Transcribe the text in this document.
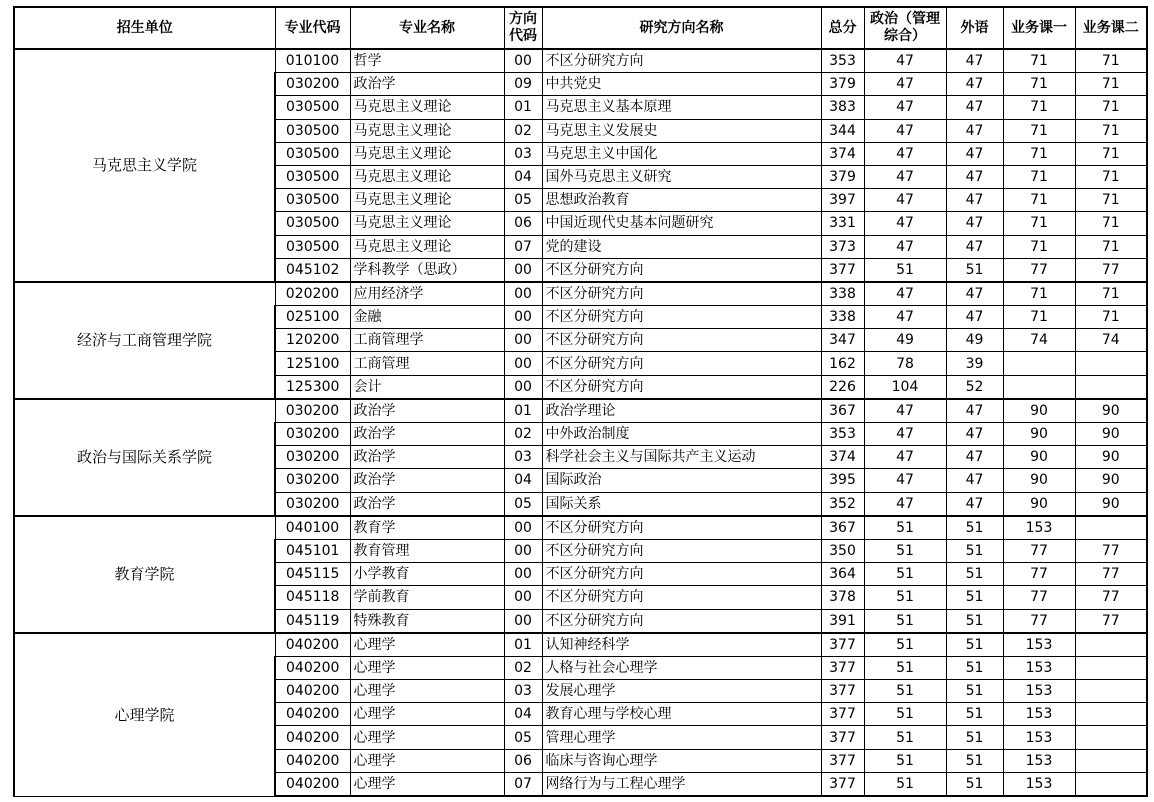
招生单位	专业代码	专业名称	方向代码	研究方向名称	总分	政治（管理综合）	外语	业务课一	业务课二
马克思主义学院	010100	哲学	00	不区分研究方向	353	47	47	71	71
	030200	政治学	09	中共党史	379	47	47	71	71
	030500	马克思主义理论	01	马克思主义基本原理	383	47	47	71	71
	030500	马克思主义理论	02	马克思主义发展史	344	47	47	71	71
	030500	马克思主义理论	03	马克思主义中国化	374	47	47	71	71
	030500	马克思主义理论	04	国外马克思主义研究	379	47	47	71	71
	030500	马克思主义理论	05	思想政治教育	397	47	47	71	71
	030500	马克思主义理论	06	中国近现代史基本问题研究	331	47	47	71	71
	030500	马克思主义理论	07	党的建设	373	47	47	71	71
	045102	学科教学（思政）	00	不区分研究方向	377	51	51	77	77
经济与工商管理学院	020200	应用经济学	00	不区分研究方向	338	47	47	71	71
	025100	金融	00	不区分研究方向	338	47	47	71	71
	120200	工商管理学	00	不区分研究方向	347	49	49	74	74
	125100	工商管理	00	不区分研究方向	162	78	39		
	125300	会计	00	不区分研究方向	226	104	52		
政治与国际关系学院	030200	政治学	01	政治学理论	367	47	47	90	90
	030200	政治学	02	中外政治制度	353	47	47	90	90
	030200	政治学	03	科学社会主义与国际共产主义运动	374	47	47	90	90
	030200	政治学	04	国际政治	395	47	47	90	90
	030200	政治学	05	国际关系	352	47	47	90	90
教育学院	040100	教育学	00	不区分研究方向	367	51	51	153	
	045101	教育管理	00	不区分研究方向	350	51	51	77	77
	045115	小学教育	00	不区分研究方向	364	51	51	77	77
	045118	学前教育	00	不区分研究方向	378	51	51	77	77
	045119	特殊教育	00	不区分研究方向	391	51	51	77	77
心理学院	040200	心理学	01	认知神经科学	377	51	51	153	
	040200	心理学	02	人格与社会心理学	377	51	51	153	
	040200	心理学	03	发展心理学	377	51	51	153	
	040200	心理学	04	教育心理与学校心理	377	51	51	153	
	040200	心理学	05	管理心理学	377	51	51	153	
	040200	心理学	06	临床与咨询心理学	377	51	51	153	
	040200	心理学	07	网络行为与工程心理学	377	51	51	153	
